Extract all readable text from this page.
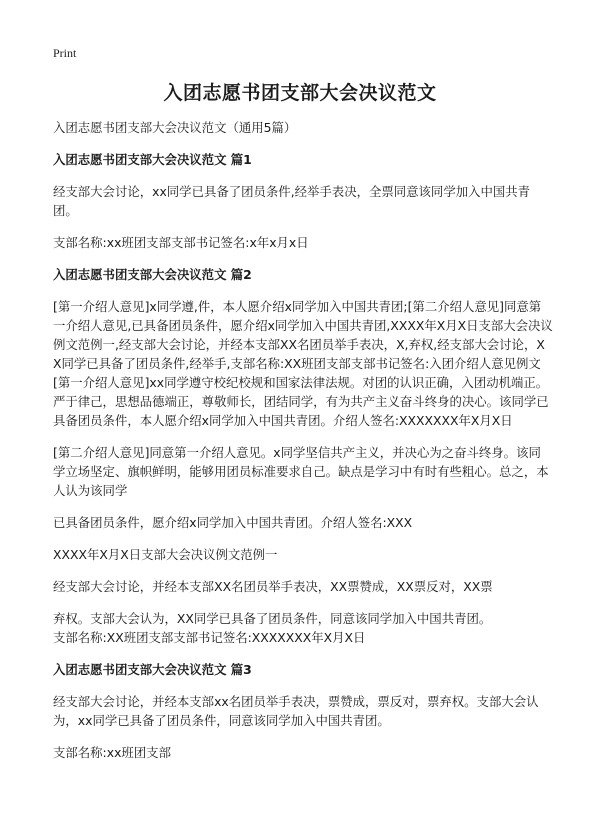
Print
入团志愿书团支部大会决议范文

入团志愿书团支部大会决议范文（通用5篇）

入团志愿书团支部大会决议范文 篇1

经支部大会讨论，xx同学已具备了团员条件,经举手表决，全票同意该同学加入中国共青团。

支部名称:xx班团支部支部书记签名:x年x月x日

入团志愿书团支部大会决议范文 篇2

[第一介绍人意见]x同学遵,件，本人愿介绍x同学加入中国共青团;[第二介绍人意见]同意第一介绍人意见,已具备团员条件，愿介绍x同学加入中国共青团,XXXX年X月X日支部大会决议例文范例一,经支部大会讨论，并经本支部XX名团员举手表决，X,弃权,经支部大会讨论，XX同学已具备了团员条件,经举手,支部名称:XX班团支部支部书记签名:入团介绍人意见例文[第一介绍人意见]xx同学遵守校纪校规和国家法律法规。对团的认识正确，入团动机端正。严于律己，思想品德端正，尊敬师长，团结同学，有为共产主义奋斗终身的决心。该同学已具备团员条件，本人愿介绍x同学加入中国共青团。介绍人签名:XXXXXXX年X月X日

[第二介绍人意见]同意第一介绍人意见。x同学坚信共产主义，并决心为之奋斗终身。该同学立场坚定、旗帜鲜明，能够用团员标准要求自己。缺点是学习中有时有些粗心。总之，本人认为该同学

已具备团员条件，愿介绍x同学加入中国共青团。介绍人签名:XXX

XXXX年X月X日支部大会决议例文范例一

经支部大会讨论，并经本支部XX名团员举手表决，XX票赞成，XX票反对，XX票

弃权。支部大会认为，XX同学已具备了团员条件，同意该同学加入中国共青团。

支部名称:XX班团支部支部书记签名:XXXXXXX年X月X日

入团志愿书团支部大会决议范文 篇3

经支部大会讨论，并经本支部xx名团员举手表决，票赞成，票反对，票弃权。支部大会认为，xx同学已具备了团员条件，同意该同学加入中国共青团。

支部名称:xx班团支部
